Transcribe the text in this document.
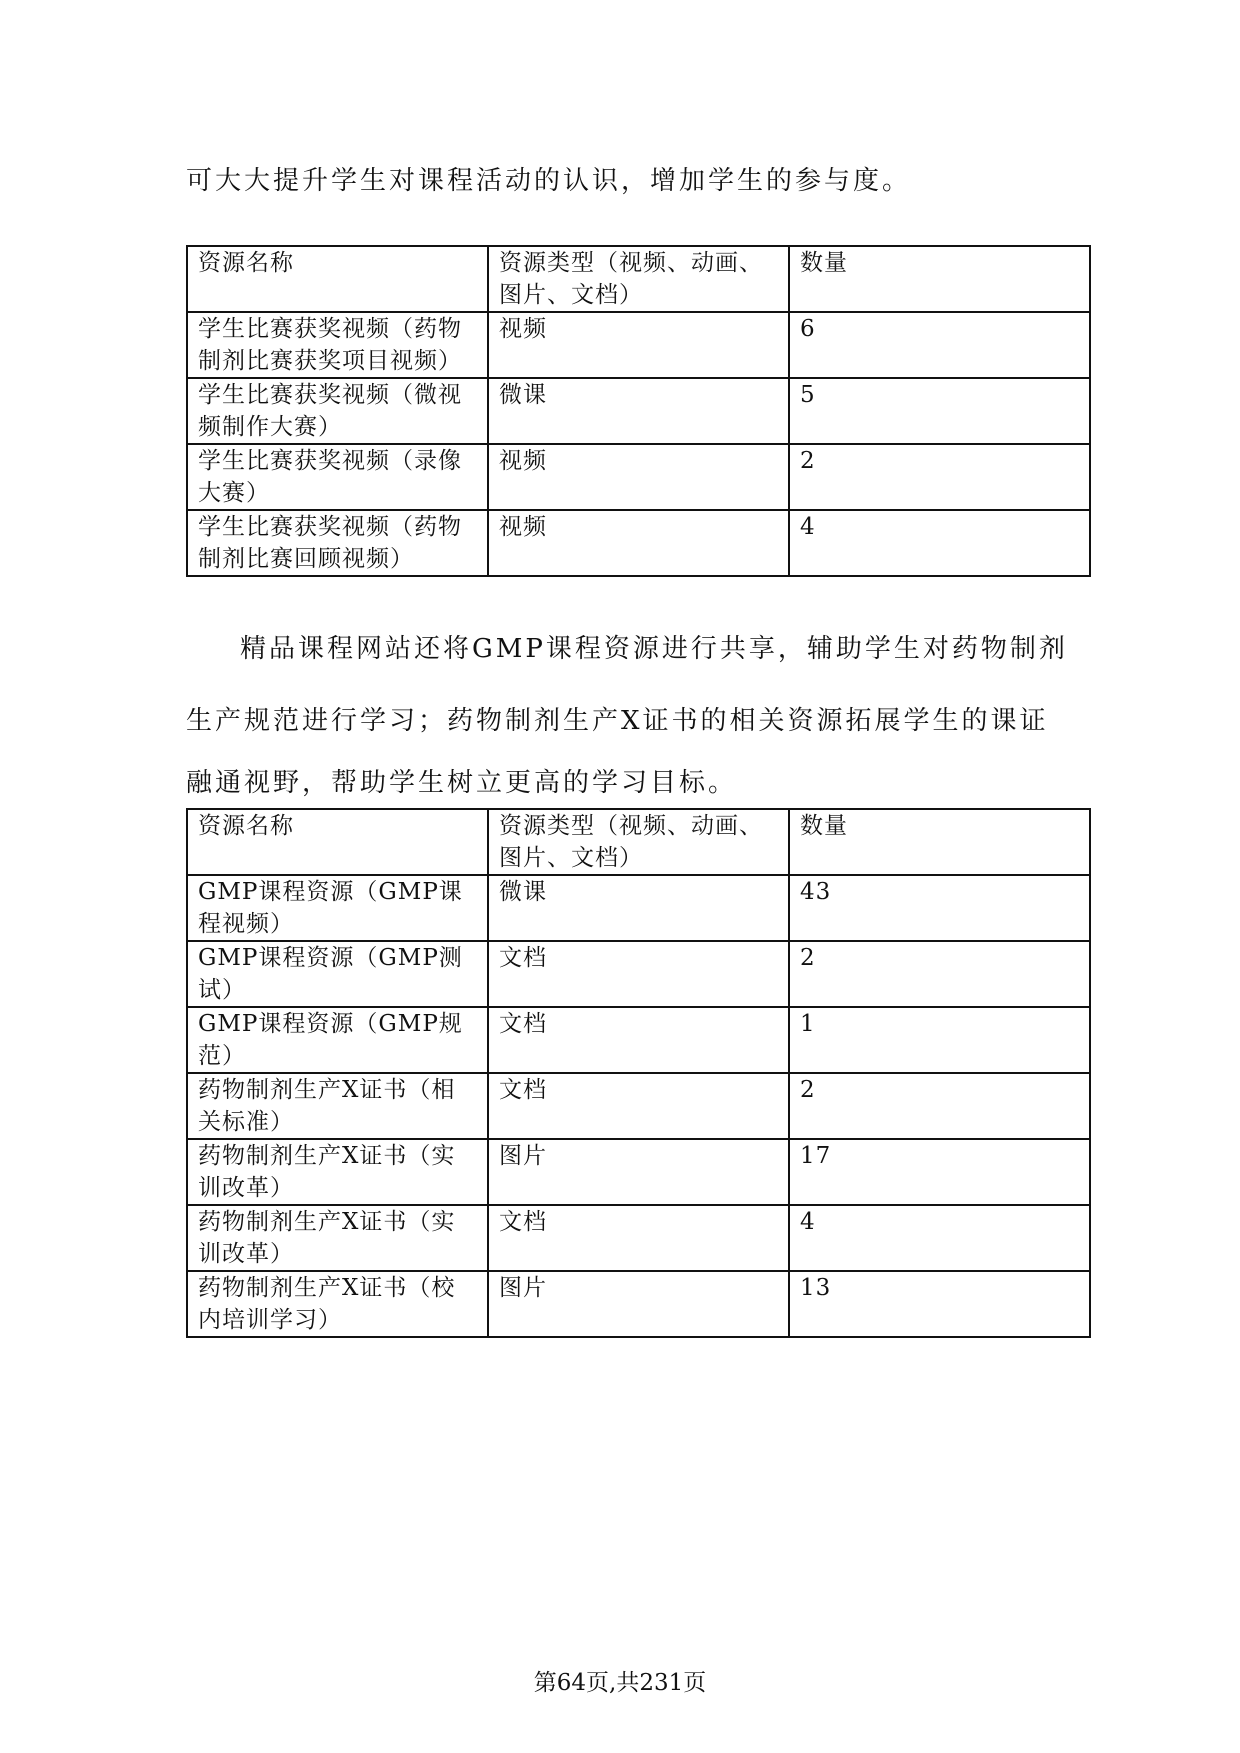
可大大提升学生对课程活动的认识，增加学生的参与度。

资源名称	资源类型（视频、动画、图片、文档）	数量
学生比赛获奖视频（药物制剂比赛获奖项目视频）	视频	6
学生比赛获奖视频（微视频制作大赛）	微课	5
学生比赛获奖视频（录像大赛）	视频	2
学生比赛获奖视频（药物制剂比赛回顾视频）	视频	4

精品课程网站还将GMP课程资源进行共享，辅助学生对药物制剂

生产规范进行学习；药物制剂生产X证书的相关资源拓展学生的课证

融通视野，帮助学生树立更高的学习目标。

资源名称	资源类型（视频、动画、图片、文档）	数量
GMP课程资源（GMP课程视频）	微课	43
GMP课程资源（GMP测试）	文档	2
GMP课程资源（GMP规范）	文档	1
药物制剂生产X证书（相关标准）	文档	2
药物制剂生产X证书（实训改革）	图片	17
药物制剂生产X证书（实训改革）	文档	4
药物制剂生产X证书（校内培训学习）	图片	13
第64页,共231页
